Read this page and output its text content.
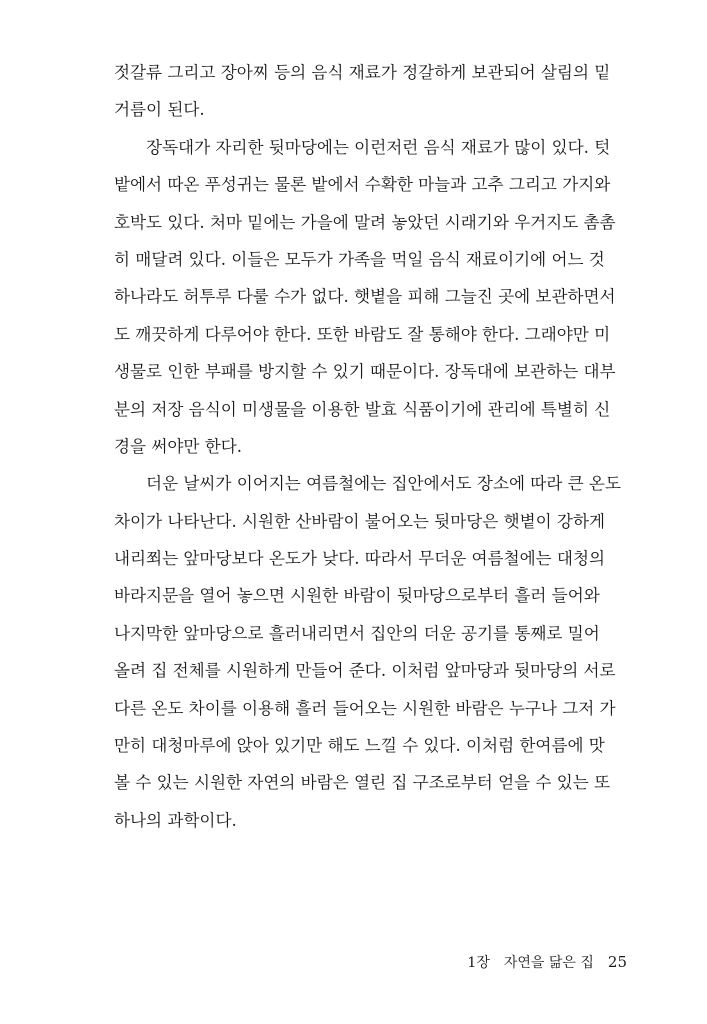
젓갈류 그리고 장아찌 등의 음식 재료가 정갈하게 보관되어 살림의 밑
거름이 된다.
장독대가 자리한 뒷마당에는 이런저런 음식 재료가 많이 있다. 텃
밭에서 따온 푸성귀는 물론 밭에서 수확한 마늘과 고추 그리고 가지와
호박도 있다. 처마 밑에는 가을에 말려 놓았던 시래기와 우거지도 촘촘
히 매달려 있다. 이들은 모두가 가족을 먹일 음식 재료이기에 어느 것
하나라도 허투루 다룰 수가 없다. 햇볕을 피해 그늘진 곳에 보관하면서
도 깨끗하게 다루어야 한다. 또한 바람도 잘 통해야 한다. 그래야만 미
생물로 인한 부패를 방지할 수 있기 때문이다. 장독대에 보관하는 대부
분의 저장 음식이 미생물을 이용한 발효 식품이기에 관리에 특별히 신
경을 써야만 한다.
더운 날씨가 이어지는 여름철에는 집안에서도 장소에 따라 큰 온도
차이가 나타난다. 시원한 산바람이 불어오는 뒷마당은 햇볕이 강하게
내리쬐는 앞마당보다 온도가 낮다. 따라서 무더운 여름철에는 대청의
바라지문을 열어 놓으면 시원한 바람이 뒷마당으로부터 흘러 들어와
나지막한 앞마당으로 흘러내리면서 집안의 더운 공기를 통째로 밀어
올려 집 전체를 시원하게 만들어 준다. 이처럼 앞마당과 뒷마당의 서로
다른 온도 차이를 이용해 흘러 들어오는 시원한 바람은 누구나 그저 가
만히 대청마루에 앉아 있기만 해도 느낄 수 있다. 이처럼 한여름에 맛
볼 수 있는 시원한 자연의 바람은 열린 집 구조로부터 얻을 수 있는 또
하나의 과학이다.
1장 자연을 닮은 집 25
